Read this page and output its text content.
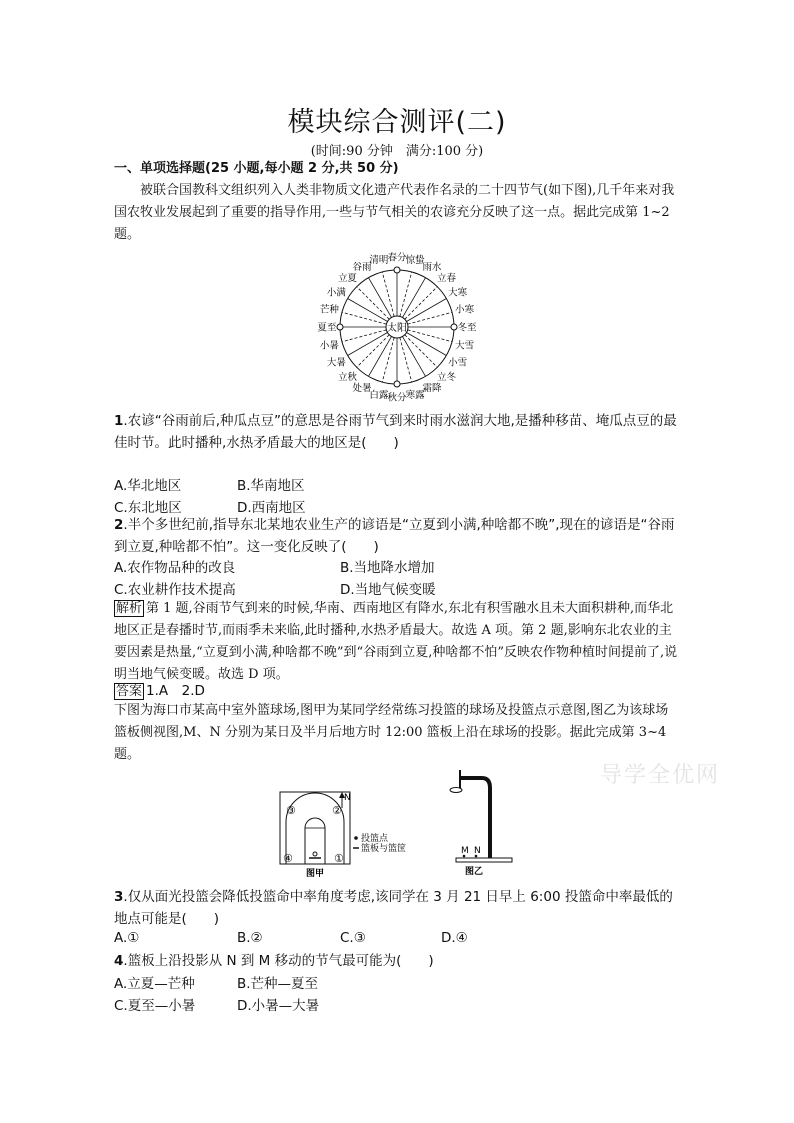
模块综合测评(二)
(时间:90 分钟　满分:100 分)
一、单项选择题(25 小题,每小题 2 分,共 50 分)
被联合国教科文组织列入人类非物质文化遗产代表作名录的二十四节气(如下图),几千年来对我国农牧业发展起到了重要的指导作用,一些与节气相关的农谚充分反映了这一点。据此完成第 1~2 题。
太阳	冬至
小寒
大寒
立春
雨水
惊蛰
春分
清明
谷雨
立夏
小满
芒种
夏至
小暑
大暑
立秋
处暑
白露 秋分 寒露
霜降
立冬
小雪
大雪
1.农谚“谷雨前后,种瓜点豆”的意思是谷雨节气到来时雨水滋润大地,是播种移苗、埯瓜点豆的最佳时节。此时播种,水热矛盾最大的地区是(　　)
A.华北地区	B.华南地区
C.东北地区	D.西南地区
2.半个多世纪前,指导东北某地农业生产的谚语是“立夏到小满,种啥都不晚”,现在的谚语是“谷雨到立夏,种啥都不怕”。这一变化反映了(　　)
A.农作物品种的改良	B.当地降水增加
C.农业耕作技术提高	D.当地气候变暖
解析 第 1 题,谷雨节气到来的时候,华南、西南地区有降水,东北有积雪融水且未大面积耕种,而华北地区正是春播时节,而雨季未来临,此时播种,水热矛盾最大。故选 A 项。第 2 题,影响东北农业的主要因素是热量,“立夏到小满,种啥都不晚”到“谷雨到立夏,种啥都不怕”反映农作物种植时间提前了,说明当地气候变暖。故选 D 项。
答案 1.A　2.D
下图为海口市某高中室外篮球场,图甲为某同学经常练习投篮的球场及投篮点示意图,图乙为该球场篮板侧视图,M、N 分别为某日及半月后地方时 12:00 篮板上沿在球场的投影。据此完成第 3~4 题。
导学全优网
③	②
④	①
N
投篮点
篮板与篮筐
图甲
M N
图乙
3.仅从面光投篮会降低投篮命中率角度考虑,该同学在 3 月 21 日早上 6:00 投篮命中率最低的地点可能是(　　)
A.①	B.②	C.③	D.④
4.篮板上沿投影从 N 到 M 移动的节气最可能为(　　)
A.立夏—芒种	B.芒种—夏至
C.夏至—小暑	D.小暑—大暑
